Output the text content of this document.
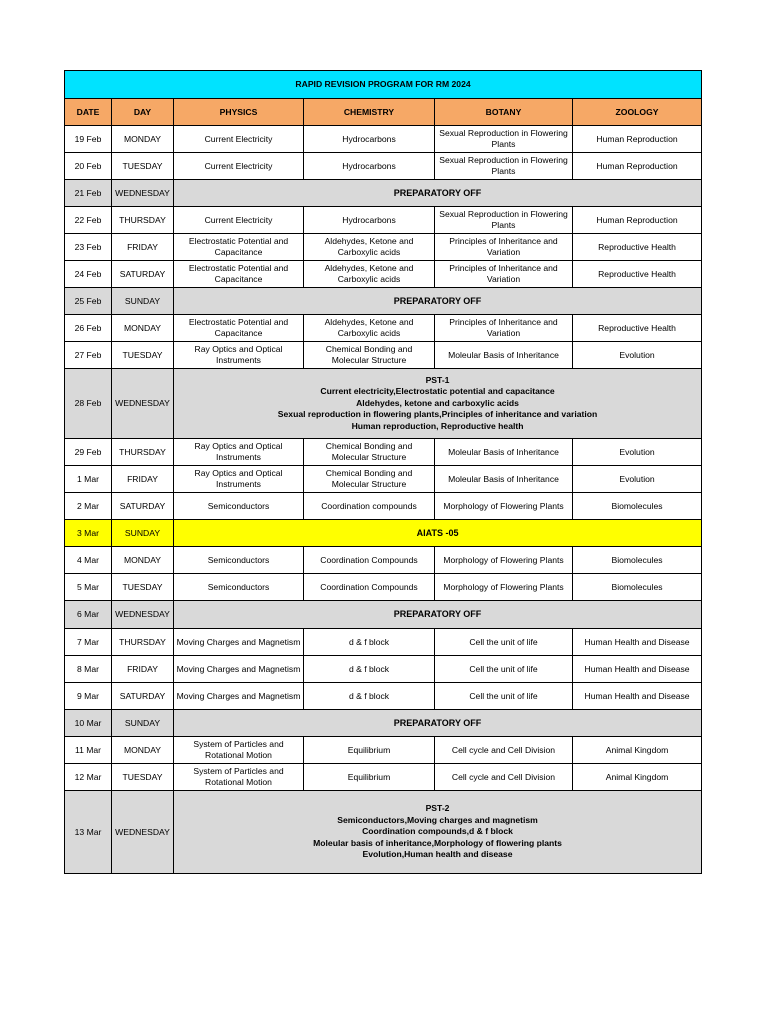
RAPID REVISION PROGRAM FOR RM 2024					
DATE	DAY	PHYSICS	CHEMISTRY	BOTANY	ZOOLOGY
19 Feb	MONDAY	Current Electricity	Hydrocarbons	Sexual Reproduction in Flowering Plants	Human Reproduction
20 Feb	TUESDAY	Current Electricity	Hydrocarbons	Sexual Reproduction in Flowering Plants	Human Reproduction
21 Feb	WEDNESDAY	PREPARATORY OFF			
22 Feb	THURSDAY	Current Electricity	Hydrocarbons	Sexual Reproduction in Flowering Plants	Human Reproduction
23 Feb	FRIDAY	Electrostatic Potential and Capacitance	Aldehydes, Ketone and Carboxylic acids	Principles of Inheritance and Variation	Reproductive Health
24 Feb	SATURDAY	Electrostatic Potential and Capacitance	Aldehydes, Ketone and Carboxylic acids	Principles of Inheritance and Variation	Reproductive Health
25 Feb	SUNDAY	PREPARATORY OFF			
26 Feb	MONDAY	Electrostatic Potential and Capacitance	Aldehydes, Ketone and Carboxylic acids	Principles of Inheritance and Variation	Reproductive Health
27 Feb	TUESDAY	Ray Optics and Optical Instruments	Chemical Bonding and Molecular Structure	Moleular Basis of Inheritance	Evolution
28 Feb	WEDNESDAY	PST-1
Current electricity,Electrostatic potential and capacitance
Aldehydes, ketone and carboxylic acids
Sexual reproduction in flowering plants,Principles of inheritance and variation
Human reproduction, Reproductive health			

29 Feb	THURSDAY	Ray Optics and Optical Instruments	Chemical Bonding and Molecular Structure	Moleular Basis of Inheritance	Evolution
1 Mar	FRIDAY	Ray Optics and Optical Instruments	Chemical Bonding and Molecular Structure	Moleular Basis of Inheritance	Evolution
2 Mar	SATURDAY	Semiconductors	Coordination compounds	Morphology of Flowering Plants	Biomolecules
3 Mar	SUNDAY	AIATS -05			
4 Mar	MONDAY	Semiconductors	Coordination Compounds	Morphology of Flowering Plants	Biomolecules
5 Mar	TUESDAY	Semiconductors	Coordination Compounds	Morphology of Flowering Plants	Biomolecules
6 Mar	WEDNESDAY	PREPARATORY OFF			
7 Mar	THURSDAY	Moving Charges and Magnetism	d & f block	Cell the unit of life	Human Health and Disease
8 Mar	FRIDAY	Moving Charges and Magnetism	d & f block	Cell the unit of life	Human Health and Disease
9 Mar	SATURDAY	Moving Charges and Magnetism	d & f block	Cell the unit of life	Human Health and Disease
10 Mar	SUNDAY	PREPARATORY OFF			
11 Mar	MONDAY	System of Particles and Rotational Motion	Equilibrium	Cell cycle and Cell Division	Animal Kingdom
12 Mar	TUESDAY	System of Particles and Rotational Motion	Equilibrium	Cell cycle and Cell Division	Animal Kingdom
13 Mar	WEDNESDAY	PST-2
Semiconductors,Moving charges and magnetism
Coordination compounds,d & f block
Moleular basis of inheritance,Morphology of flowering plants
Evolution,Human health and disease			
